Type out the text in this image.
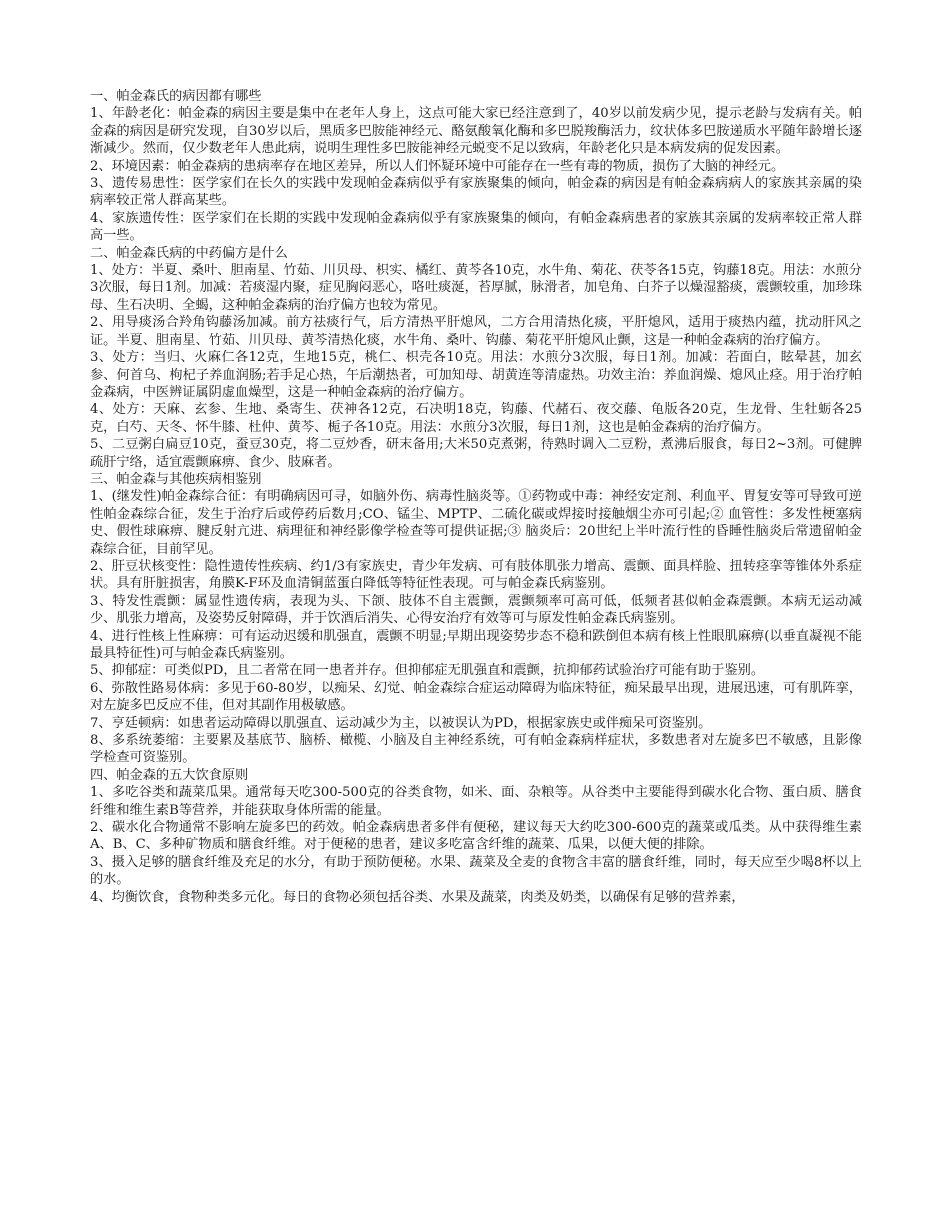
一、帕金森氏的病因都有哪些

1、年龄老化：帕金森的病因主要是集中在老年人身上，这点可能大家已经注意到了，40岁以前发病少见，提示老龄与发病有关。帕金森的病因是研究发现，自30岁以后，黑质多巴胺能神经元、酪氨酸氧化酶和多巴脱羧酶活力，纹状体多巴胺递质水平随年龄增长逐渐减少。然而，仅少数老年人患此病，说明生理性多巴胺能神经元蜕变不足以致病，年龄老化只是本病发病的促发因素。

2、环境因素：帕金森病的患病率存在地区差异，所以人们怀疑环境中可能存在一些有毒的物质，损伤了大脑的神经元。

3、遗传易患性：医学家们在长久的实践中发现帕金森病似乎有家族聚集的倾向，帕金森的病因是有帕金森病病人的家族其亲属的染病率较正常人群高某些。

4、家族遗传性：医学家们在长期的实践中发现帕金森病似乎有家族聚集的倾向，有帕金森病患者的家族其亲属的发病率较正常人群高一些。

二、帕金森氏病的中药偏方是什么

1、处方：半夏、桑叶、胆南星、竹茹、川贝母、枳实、橘红、黄芩各10克，水牛角、菊花、茯苓各15克，钩藤18克。用法：水煎分3次服，每日1剂。加减：若痰湿内聚，症见胸闷恶心，咯吐痰涎，苔厚腻，脉滑者，加皂角、白芥子以燥湿豁痰，震颤较重，加珍珠母、生石决明、全蝎，这种帕金森病的治疗偏方也较为常见。

2、用导痰汤合羚角钩藤汤加减。前方祛痰行气，后方清热平肝熄风，二方合用清热化痰，平肝熄风，适用于痰热内蕴，扰动肝风之证。半夏、胆南星、竹茹、川贝母、黄芩清热化痰，水牛角、桑叶、钩藤、菊花平肝熄风止颤，这是一种帕金森病的治疗偏方。

3、处方：当归、火麻仁各12克，生地15克，桃仁、枳壳各10克。用法：水煎分3次服，每日1剂。加减：若面白，眩晕甚，加玄参、何首乌、枸杞子养血润肠;若手足心热，午后潮热者，可加知母、胡黄连等清虚热。功效主治：养血润燥、熄风止痉。用于治疗帕金森病，中医辨证属阴虚血燥型，这是一种帕金森病的治疗偏方。

4、处方：天麻、玄参、生地、桑寄生、茯神各12克，石决明18克，钩藤、代赭石、夜交藤、龟版各20克，生龙骨、生牡蛎各25克，白芍、天冬、怀牛膝、杜仲、黄芩、栀子各10克。用法：水煎分3次服，每日1剂，这也是帕金森病的治疗偏方。

5、二豆粥白扁豆10克，蚕豆30克，将二豆炒香，研末备用;大米50克煮粥，待熟时调入二豆粉，煮沸后服食，每日2~3剂。可健脾疏肝宁络，适宜震颤麻痹、食少、肢麻者。

三、帕金森与其他疾病相鉴别

1、(继发性)帕金森综合征：有明确病因可寻，如脑外伤、病毒性脑炎等。①药物或中毒：神经安定剂、利血平、胃复安等可导致可逆性帕金森综合征，发生于治疗后或停药后数月;CO、锰尘、MPTP、二硫化碳或焊接时接触烟尘亦可引起;② 血管性：多发性梗塞病史、假性球麻痹、腱反射亢进、病理征和神经影像学检查等可提供证据;③ 脑炎后：20世纪上半叶流行性的昏睡性脑炎后常遗留帕金森综合征，目前罕见。

2、肝豆状核变性：隐性遗传性疾病、约1/3有家族史，青少年发病、可有肢体肌张力增高、震颤、面具样脸、扭转痉挛等锥体外系症状。具有肝脏损害，角膜K-F环及血清铜蓝蛋白降低等特征性表现。可与帕金森氏病鉴别。

3、特发性震颤：属显性遗传病，表现为头、下颌、肢体不自主震颤，震颤频率可高可低，低频者甚似帕金森震颤。本病无运动减少、肌张力增高，及姿势反射障碍，并于饮酒后消失、心得安治疗有效等可与原发性帕金森氏病鉴别。

4、进行性核上性麻痹：可有运动迟缓和肌强直，震颤不明显;早期出现姿势步态不稳和跌倒但本病有核上性眼肌麻痹(以垂直凝视不能最具特征性)可与帕金森氏病鉴别。

5、抑郁症：可类似PD，且二者常在同一患者并存。但抑郁症无肌强直和震颤，抗抑郁药试验治疗可能有助于鉴别。

6、弥散性路易体病：多见于60-80岁，以痴呆、幻觉、帕金森综合症运动障碍为临床特征，痴呆最早出现，进展迅速，可有肌阵挛，对左旋多巴反应不佳，但对其副作用极敏感。

7、亨廷顿病：如患者运动障碍以肌强直、运动减少为主，以被误认为PD，根据家族史或伴痴呆可资鉴别。

8、多系统萎缩：主要累及基底节、脑桥、橄榄、小脑及自主神经系统，可有帕金森病样症状，多数患者对左旋多巴不敏感，且影像学检查可资鉴别。

四、帕金森的五大饮食原则

1、多吃谷类和蔬菜瓜果。通常每天吃300-500克的谷类食物，如米、面、杂粮等。从谷类中主要能得到碳水化合物、蛋白质、膳食纤维和维生素B等营养，并能获取身体所需的能量。

2、碳水化合物通常不影响左旋多巴的药效。帕金森病患者多伴有便秘，建议每天大约吃300-600克的蔬菜或瓜类。从中获得维生素A、B、C、多种矿物质和膳食纤维。对于便秘的患者，建议多吃富含纤维的蔬菜、瓜果，以便大便的排除。

3、摄入足够的膳食纤维及充足的水分，有助于预防便秘。水果、蔬菜及全麦的食物含丰富的膳食纤维，同时，每天应至少喝8杯以上的水。

4、均衡饮食，食物种类多元化。每日的食物必须包括谷类、水果及蔬菜，肉类及奶类，以确保有足够的营养素，
